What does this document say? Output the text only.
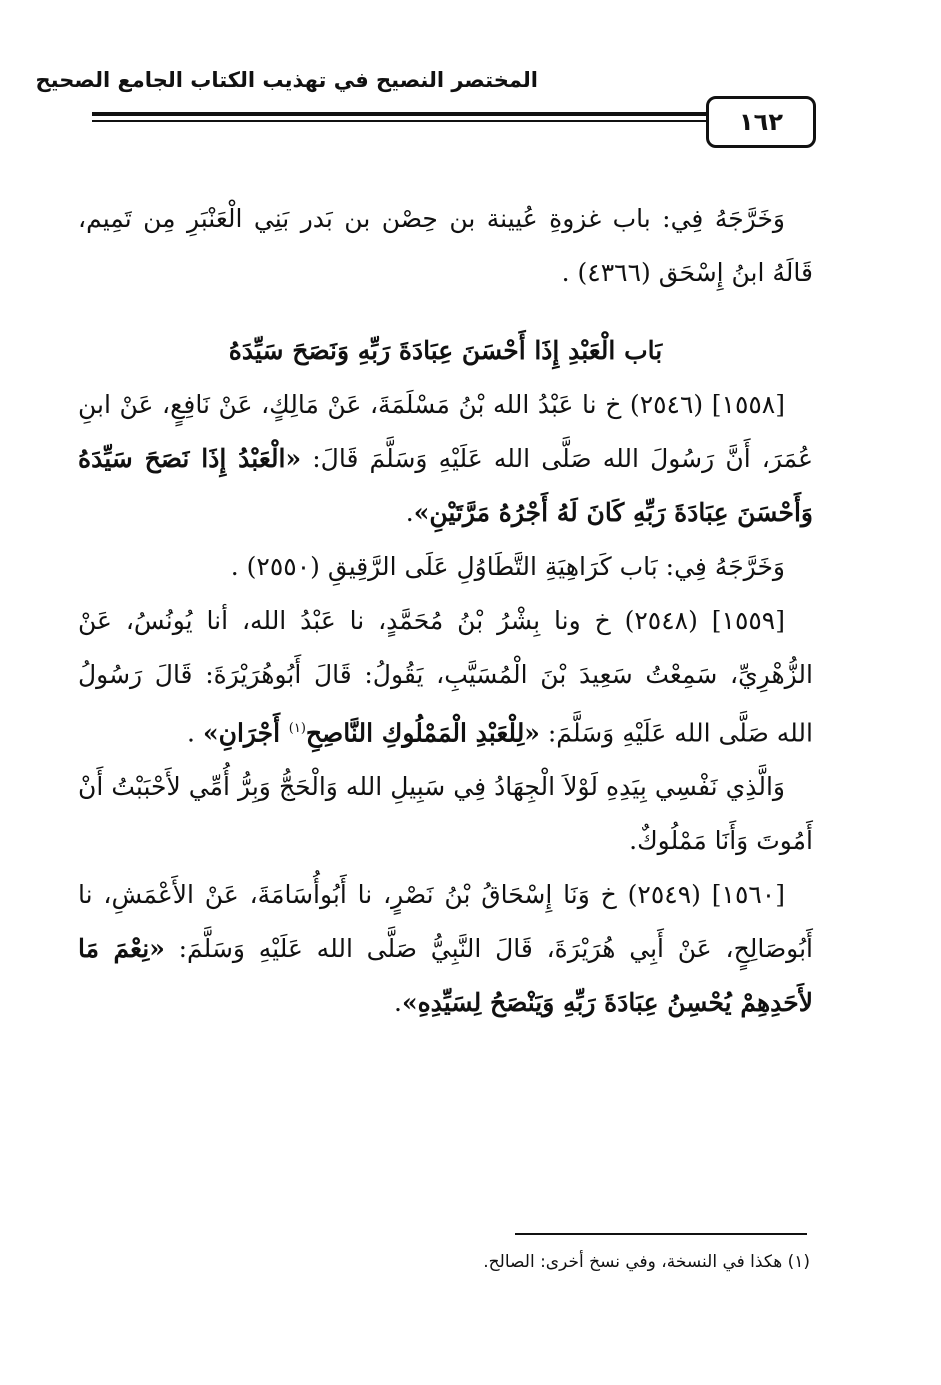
المختصر النصيح في تهذيب الكتاب الجامع الصحيح
١٦٢

وَخَرَّجَهُ فِي: باب غزوةِ عُيينة بن حِصْن بن بَدر بَنِي الْعَنْبَرِ مِن تَمِيم، قَالَهُ ابنُ إِسْحَق (٤٣٦٦) .

بَاب الْعَبْدِ إِذَا أَحْسَنَ عِبَادَةَ رَبِّهِ وَنَصَحَ سَيِّدَهُ

[١٥٥٨] (٢٥٤٦) خ نا عَبْدُ الله بْنُ مَسْلَمَةَ، عَنْ مَالِكٍ، عَنْ نَافِعٍ، عَنْ ابنِ عُمَرَ، أَنَّ رَسُولَ الله صَلَّى الله عَلَيْهِ وَسَلَّمَ قَالَ: «الْعَبْدُ إِذَا نَصَحَ سَيِّدَهُ وَأَحْسَنَ عِبَادَةَ رَبِّهِ كَانَ لَهُ أَجْرُهُ مَرَّتَيْنِ».

وَخَرَّجَهُ فِي: بَاب كَرَاهِيَةِ التَّطَاوُلِ عَلَى الرَّقِيقِ (٢٥٥٠) .

[١٥٥٩] (٢٥٤٨) خ ونا بِشْرُ بْنُ مُحَمَّدٍ، نا عَبْدُ الله، أنا يُونُسُ، عَنْ الزُّهْرِيِّ، سَمِعْتُ سَعِيدَ بْنَ الْمُسَيَّبِ، يَقُولُ: قَالَ أَبُوهُرَيْرَةَ: قَالَ رَسُولُ الله صَلَّى الله عَلَيْهِ وَسَلَّمَ: «لِلْعَبْدِ الْمَمْلُوكِ النَّاصِحِ$^{(١)}$ أَجْرَانِ» .

وَالَّذِي نَفْسِي بِيَدِهِ لَوْلاَ الْجِهَادُ فِي سَبِيلِ الله وَالْحَجُّ وَبِرُّ أُمِّي لأَحْبَبْتُ أَنْ أَمُوتَ وَأَنَا مَمْلُوكٌ.

[١٥٦٠] (٢٥٤٩) خ وَنَا إِسْحَاقُ بْنُ نَصْرٍ، نا أَبُوأُسَامَةَ، عَنْ الأَعْمَشِ، نا أَبُوصَالِحٍ، عَنْ أَبِي هُرَيْرَةَ، قَالَ النَّبِيُّ صَلَّى الله عَلَيْهِ وَسَلَّمَ: «نِعْمَ مَا لأَحَدِهِمْ يُحْسِنُ عِبَادَةَ رَبِّهِ وَيَنْصَحُ لِسَيِّدِهِ».

(١) هكذا في النسخة، وفي نسخ أخرى: الصالح.
